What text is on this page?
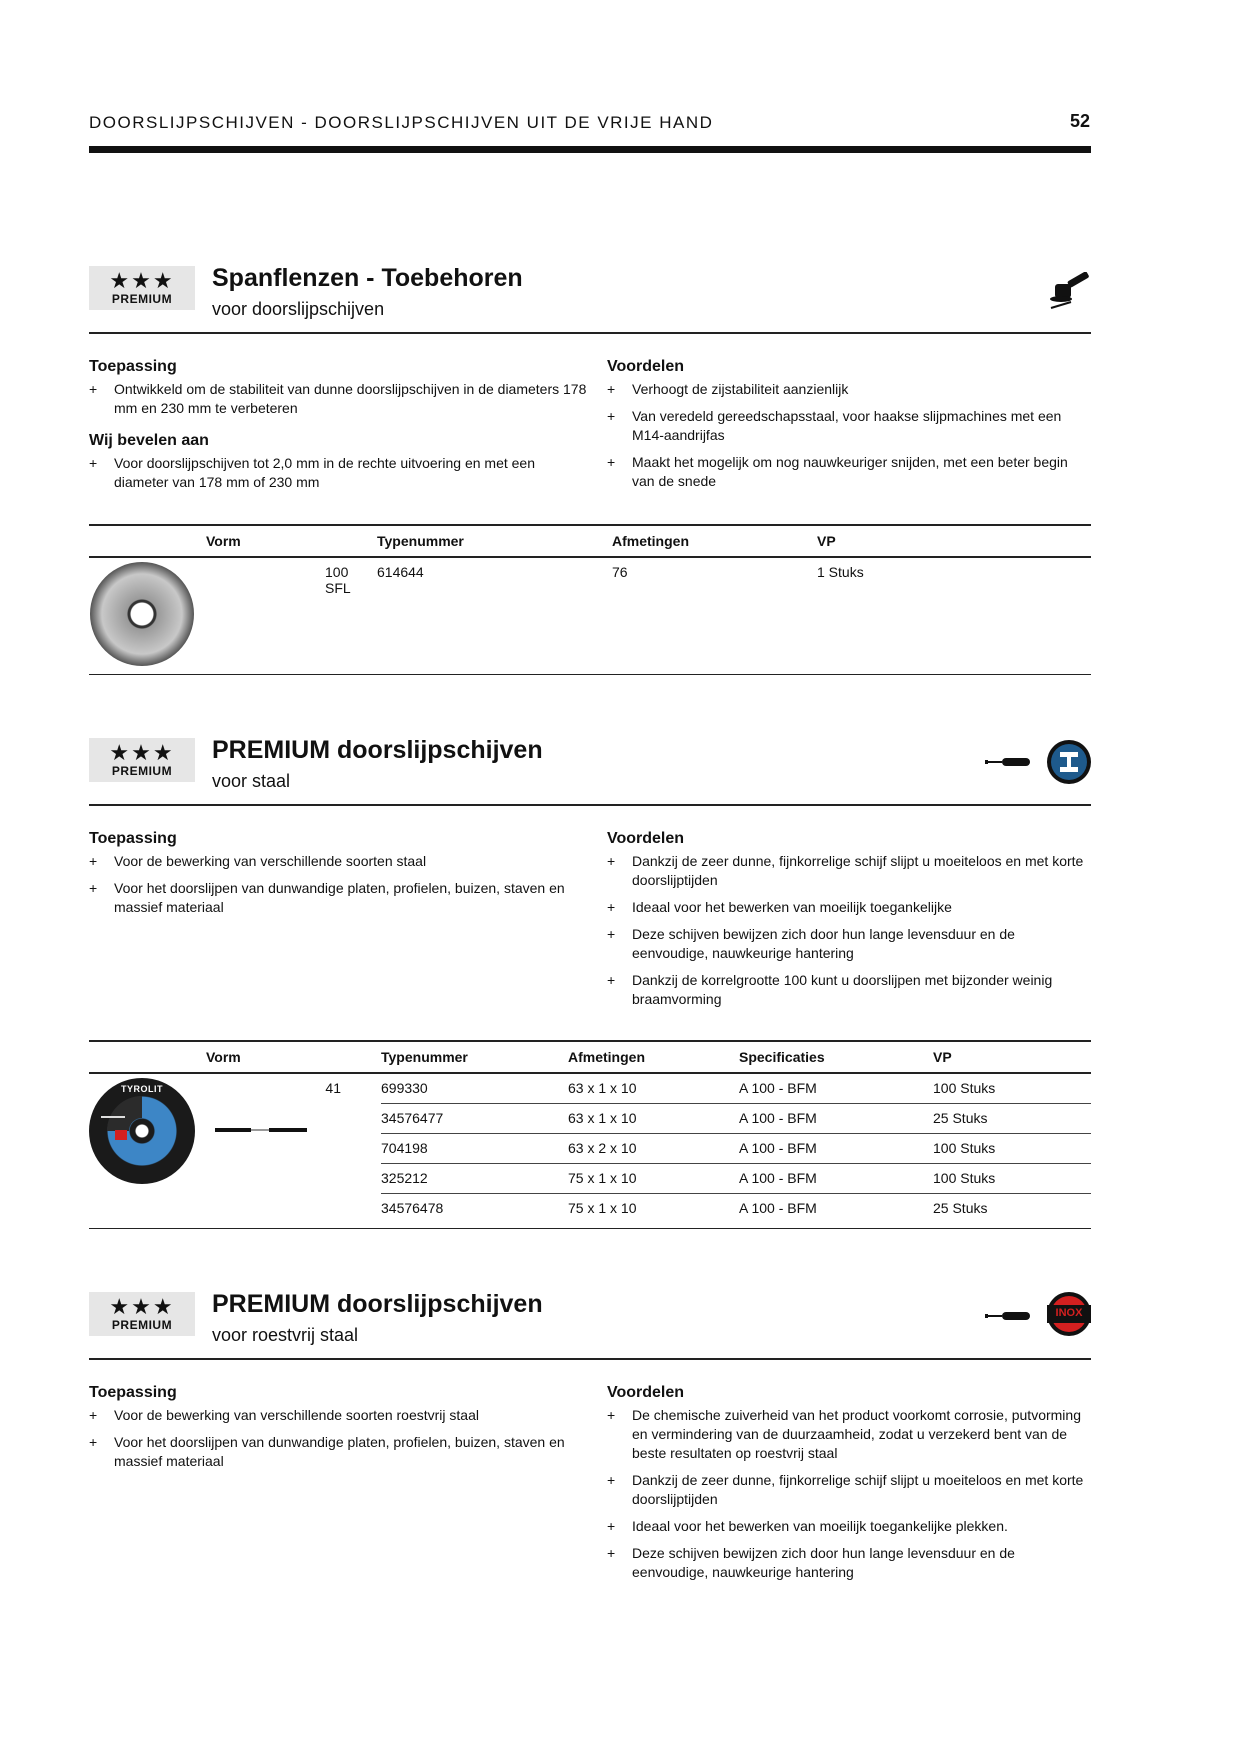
DOORSLIJPSCHIJVEN - DOORSLIJPSCHIJVEN UIT DE VRIJE HAND	52
★★★
PREMIUM
Spanflenzen - Toebehoren
voor doorslijpschijven
Toepassing
+ Ontwikkeld om de stabiliteit van dunne doorslijpschijven in de diameters 178 mm en 230 mm te verbeteren
Wij bevelen aan
+ Voor doorslijpschijven tot 2,0 mm in de rechte uitvoering en met een diameter van 178 mm of 230 mm
Voordelen
+ Verhoogt de zijstabiliteit aanzienlijk
+ Van veredeld gereedschapsstaal, voor haakse slijpmachines met een M14-aandrijfas
+ Maakt het mogelijk om nog nauwkeuriger snijden, met een beter begin van de snede
	Vorm	Typenummer	Afmetingen	VP
	100 SFL	614644	76	1 Stuks
★★★
PREMIUM
PREMIUM doorslijpschijven
voor staal
Toepassing
+ Voor de bewerking van verschillende soorten staal
+ Voor het doorslijpen van dunwandige platen, profielen, buizen, staven en massief materiaal
Voordelen
+ Dankzij de zeer dunne, fijnkorrelige schijf slijpt u moeiteloos en met korte doorslijptijden
+ Ideaal voor het bewerken van moeilijk toegankelijke
+ Deze schijven bewijzen zich door hun lange levensduur en de eenvoudige, nauwkeurige hantering
+ Dankzij de korrelgrootte 100 kunt u doorslijpen met bijzonder weinig braamvorming
	Vorm	Typenummer	Afmetingen	Specificaties	VP
	41	699330	63 x 1 x 10	A 100 - BFM	100 Stuks
		34576477	63 x 1 x 10	A 100 - BFM	25 Stuks
		704198	63 x 2 x 10	A 100 - BFM	100 Stuks
		325212	75 x 1 x 10	A 100 - BFM	100 Stuks
		34576478	75 x 1 x 10	A 100 - BFM	25 Stuks
TYROLIT
★★★
PREMIUM
PREMIUM doorslijpschijven
voor roestvrij staal
INOX
Toepassing
+ Voor de bewerking van verschillende soorten roestvrij staal
+ Voor het doorslijpen van dunwandige platen, profielen, buizen, staven en massief materiaal
Voordelen
+ De chemische zuiverheid van het product voorkomt corrosie, putvorming en vermindering van de duurzaamheid, zodat u verzekerd bent van de beste resultaten op roestvrij staal
+ Dankzij de zeer dunne, fijnkorrelige schijf slijpt u moeiteloos en met korte doorslijptijden
+ Ideaal voor het bewerken van moeilijk toegankelijke plekken.
+ Deze schijven bewijzen zich door hun lange levensduur en de eenvoudige, nauwkeurige hantering
